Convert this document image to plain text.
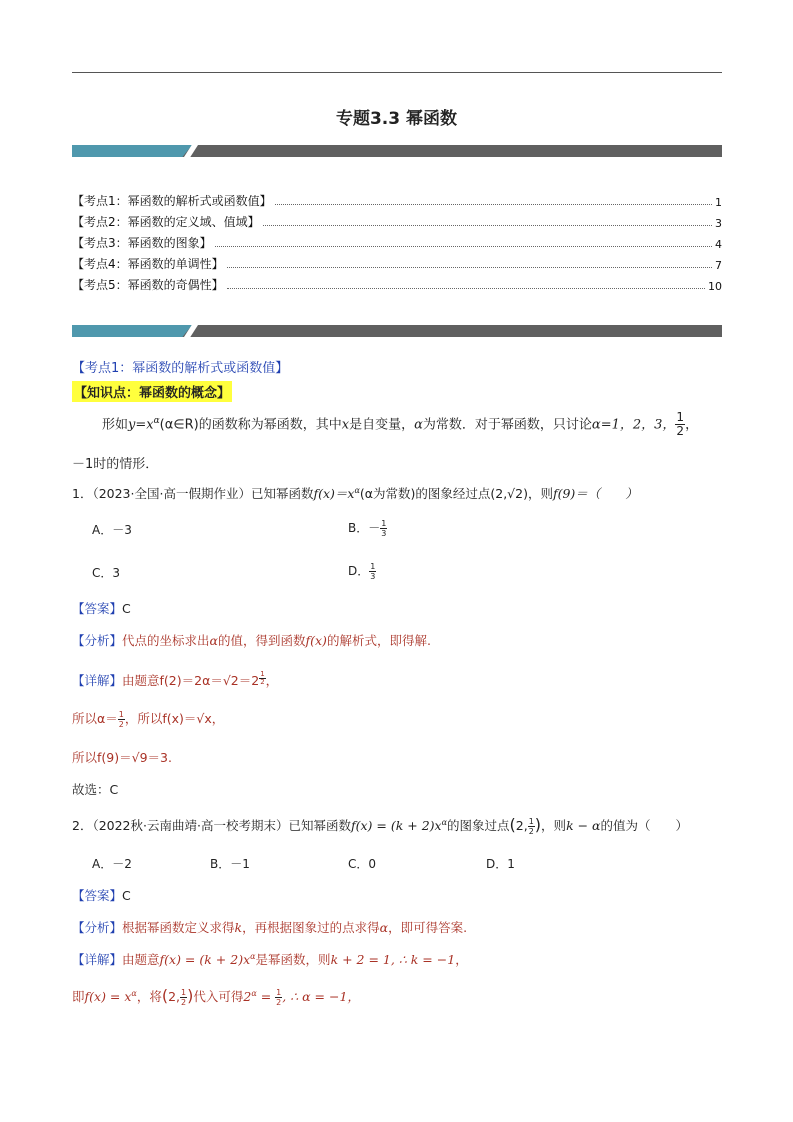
专题3.3 幂函数
【考点1：幂函数的解析式或函数值】	1
【考点2：幂函数的定义域、值域】	3
【考点3：幂函数的图象】	4
【考点4：幂函数的单调性】	7
【考点5：幂函数的奇偶性】	10
【考点1：幂函数的解析式或函数值】
【知识点：幂函数的概念】
形如$y=x^\alpha(\alpha\in R)$的函数称为幂函数，其中x是自变量，α为常数．对于幂函数，只讨论α=1，2，3， $\frac{1}{2}$ ，
－1时的情形．
1．（2023·全国·高一假期作业）已知幂函数$f(x)=x^\alpha(\alpha$为常数)的图象经过点(2,√2)，则f(9)＝（　　）
A．－3	B．－ $\frac{1}{3}$
C．3	D． $\frac{1}{3}$
【答案】C
【分析】代点的坐标求出α的值，得到函数f(x)的解析式，即得解.
【详解】由题意f(2)＝2α＝√2＝2 $^{\frac{1}{2}}$ ，
所以$\alpha= \frac{1}{2}$ ，所以f(x)＝√x，
所以f(9)＝√9＝3.
故选：C
2．（2022秋·云南曲靖·高一校考期末）已知幂函数$f(x) = (k + 2)x^\alpha$的图象过点(2, $\frac{1}{2}$ )，则k − α的值为（　　）
A．－2	B．－1	C．0	D．1
【答案】C
【分析】根据幂函数定义求得k，再根据图象过的点求得α，即可得答案.
【详解】由题意$f(x) = (k + 2)x^\alpha$是幂函数，则k + 2 = 1, ∴ k = −1，
即$f(x) = x^\alpha$，将(2, $\frac{1}{2}$ )代入可得$2^\alpha = \frac{1}{2}$ , ∴ α = −1，
